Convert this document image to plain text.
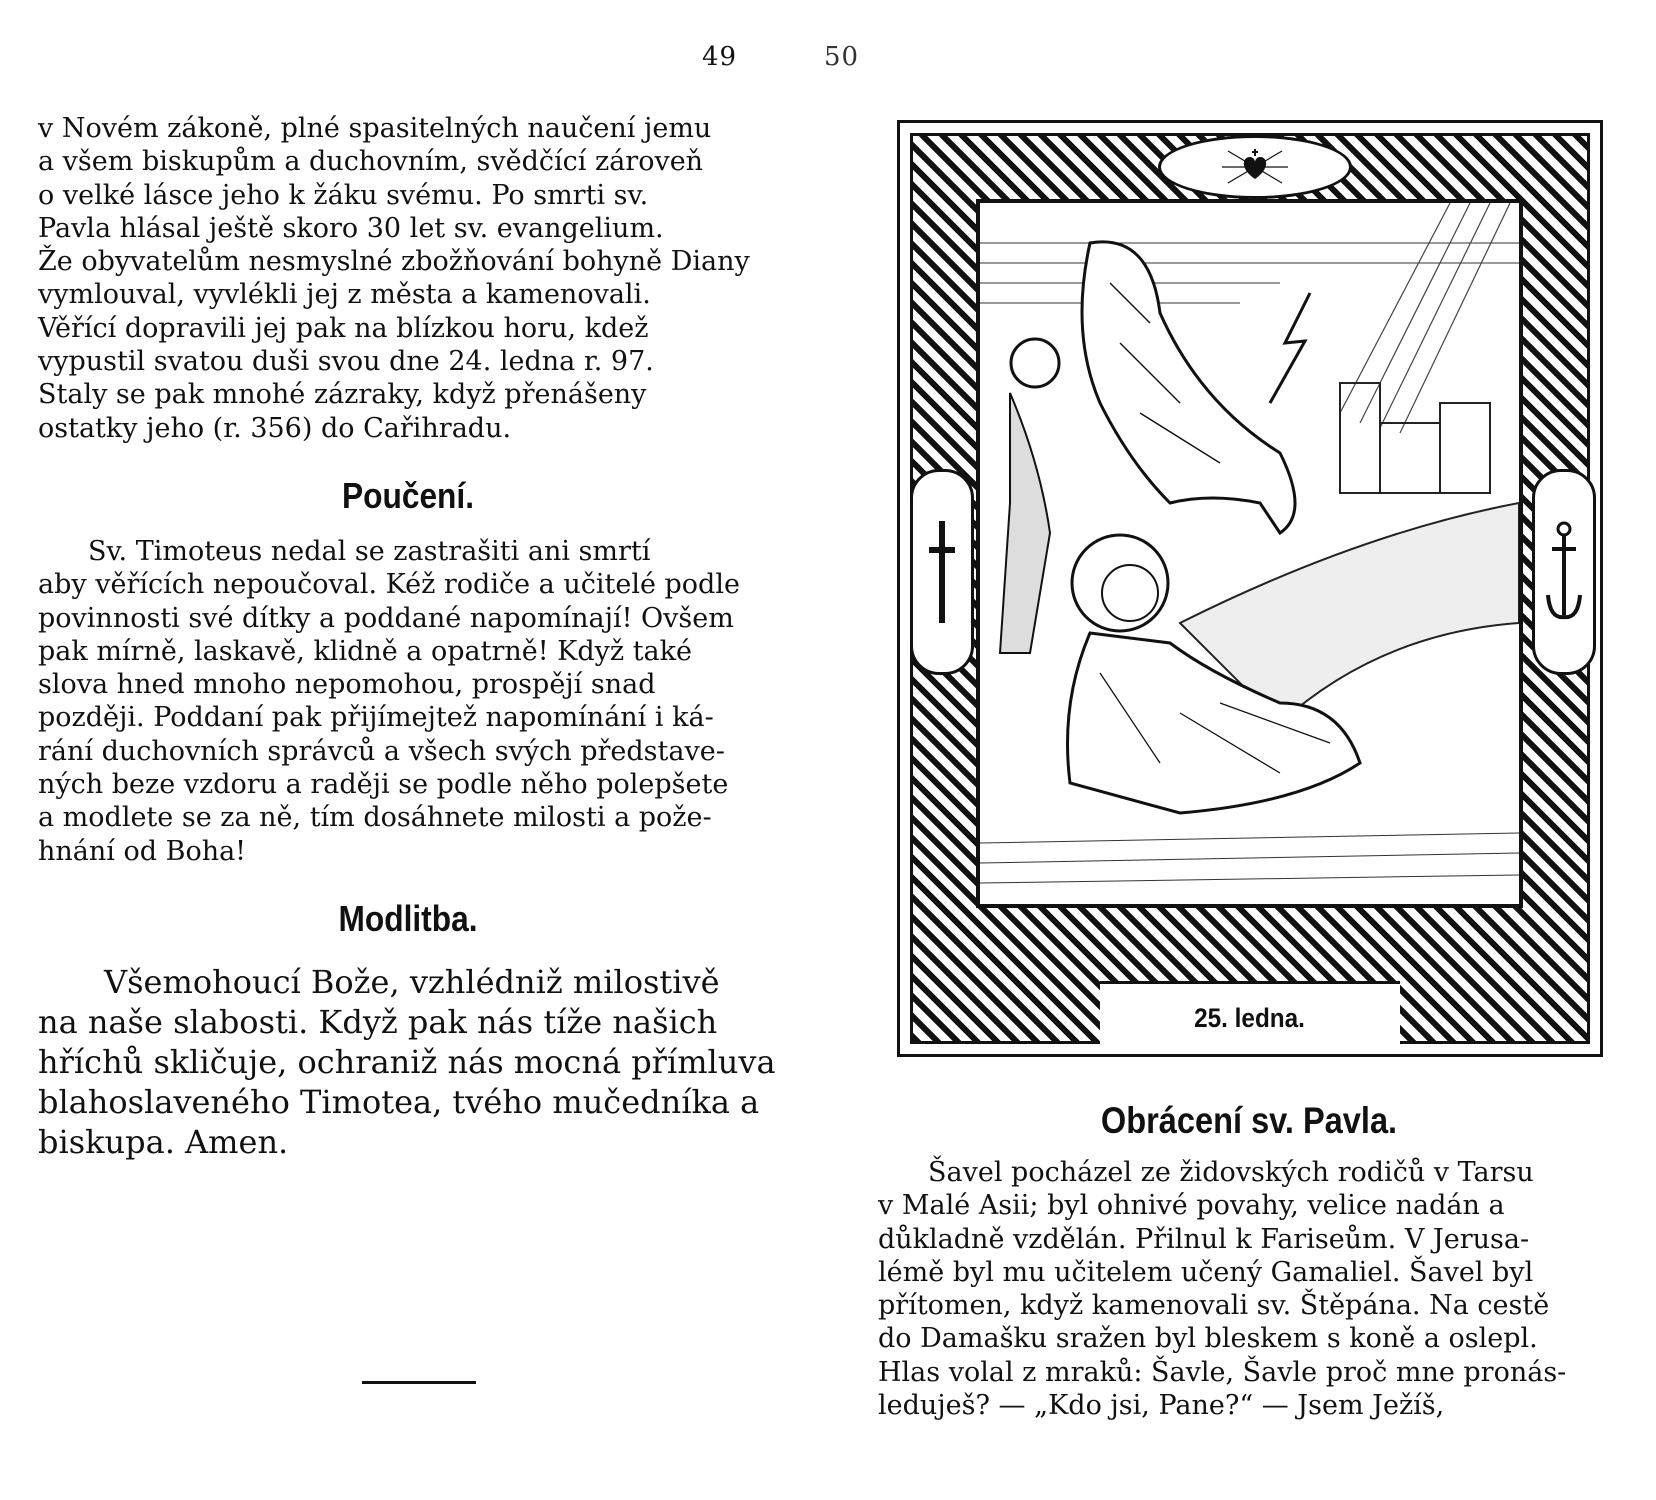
49	50

v Novém zákoně, plné spasitelných naučení jemu

a všem biskupům a duchovním, svědčící zároveň

o velké lásce jeho k žáku svému. Po smrti sv.

Pavla hlásal ještě skoro 30 let sv. evangelium.

Že obyvatelům nesmyslné zbožňování bohyně Diany

vymlouval, vyvlékli jej z města a kamenovali.

Věřící dopravili jej pak na blízkou horu, kdež

vypustil svatou duši svou dne 24. ledna r. 97.

Staly se pak mnohé zázraky, když přenášeny

ostatky jeho (r. 356) do Cařihradu.

Poučení.

Sv. Timoteus nedal se zastrašiti ani smrtí

aby věřících nepoučoval. Kéž rodiče a učitelé podle

povinnosti své dítky a poddané napomínají! Ovšem

pak mírně, laskavě, klidně a opatrně! Když také

slova hned mnoho nepomohou, prospějí snad

později. Poddaní pak přijímejtež napomínání i ká-

rání duchovních správců a všech svých představe-

ných beze vzdoru a raději se podle něho polepšete

a modlete se za ně, tím dosáhnete milosti a pože-

hnání od Boha!

Modlitba.

Všemohoucí Bože, vzhlédniž milostivě

na naše slabosti. Když pak nás tíže našich

hříchů skličuje, ochraniž nás mocná přímluva

blahoslaveného Timotea, tvého mučedníka a

biskupa. Amen.

25. ledna.
Obrácení sv. Pavla.

Šavel pocházel ze židovských rodičů v Tarsu

v Malé Asii; byl ohnivé povahy, velice nadán a

důkladně vzdělán. Přilnul k Fariseům. V Jerusa-

lémě byl mu učitelem učený Gamaliel. Šavel byl

přítomen, když kamenovali sv. Štěpána. Na cestě

do Damašku sražen byl bleskem s koně a oslepl.

Hlas volal z mraků: Šavle, Šavle proč mne pronás-

leduješ? — „Kdo jsi, Pane?“ — Jsem Ježíš,
